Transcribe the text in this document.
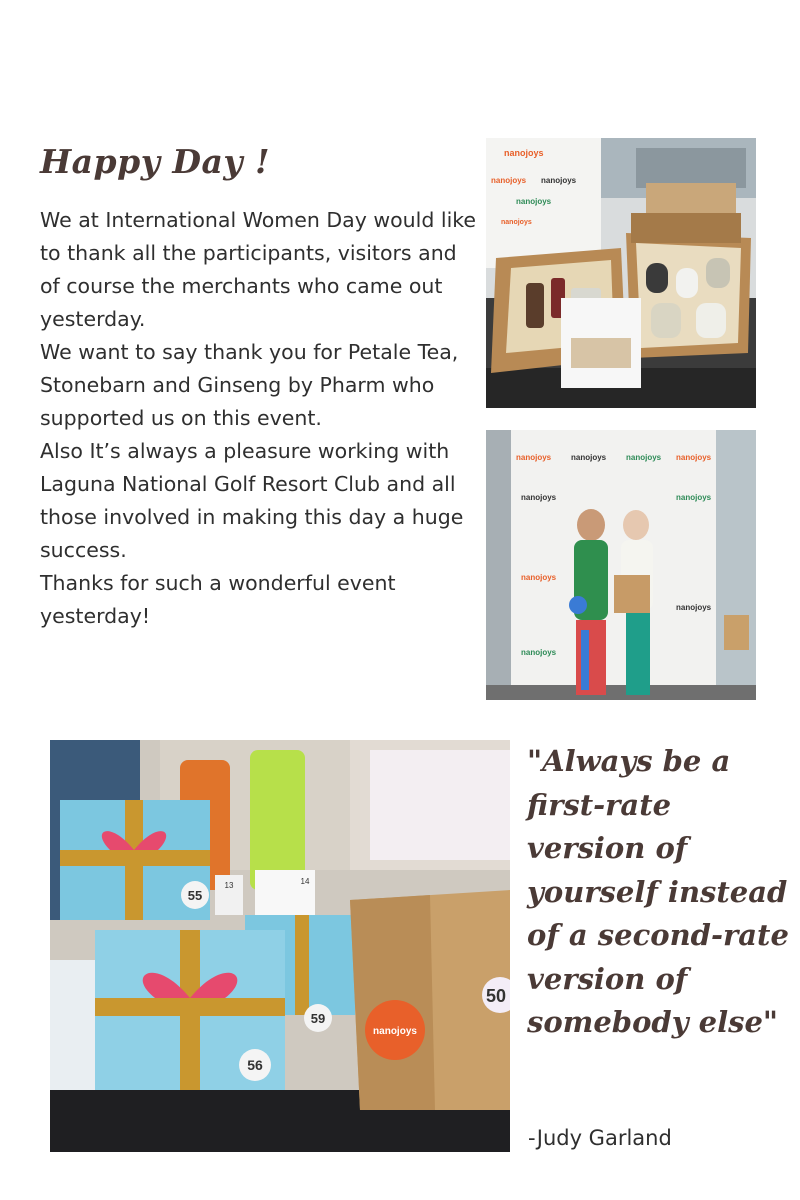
Happy Day !

We at International Women Day would like to thank all the participants, visitors and of course the merchants who came out yesterday.

We want to say thank you for Petale Tea, Stonebarn and Ginseng by Pharm who supported us on this event.

Also It’s always a pleasure working with Laguna National Golf Resort Club and all those involved in making this day a huge success.

Thanks for such a wonderful event yesterday!

nanojoys
nanojoys nanojoys
nanojoys
nanojoys
nanojoys nanojoys nanojoys nanojoys
nanojoys	nanojoys
nanojoys
nanojoys
nanojoys
55
13	14
59
56
nanojoys
50

"Always be a first-rate version of yourself instead of a second-rate version of somebody else"

-Judy Garland
